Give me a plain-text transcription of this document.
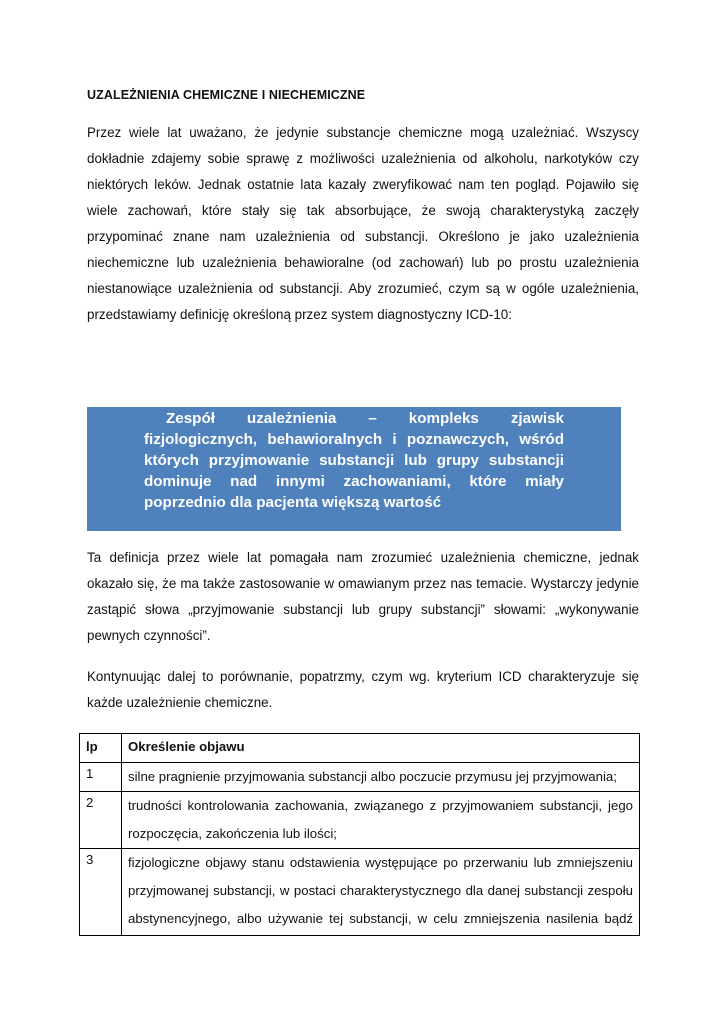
UZALEŻNIENIA CHEMICZNE I NIECHEMICZNE
Przez wiele lat uważano, że jedynie substancje chemiczne mogą uzależniać. Wszyscy dokładnie zdajemy sobie sprawę z możliwości uzależnienia od alkoholu, narkotyków czy niektórych leków. Jednak ostatnie lata kazały zweryfikować nam ten pogląd. Pojawiło się wiele zachowań, które stały się tak absorbujące, że swoją charakterystyką zaczęły przypominać znane nam uzależnienia od substancji. Określono je jako uzależnienia niechemiczne lub uzależnienia behawioralne (od zachowań) lub po prostu uzależnienia niestanowiące uzależnienia od substancji. Aby zrozumieć, czym są w ogóle uzależnienia, przedstawiamy definicję określoną przez system diagnostyczny ICD-10:
Zespół uzależnienia – kompleks zjawisk fizjologicznych, behawioralnych i poznawczych, wśród których przyjmowanie substancji lub grupy substancji dominuje nad innymi zachowaniami, które miały poprzednio dla pacjenta większą wartość
Ta definicja przez wiele lat pomagała nam zrozumieć uzależnienia chemiczne, jednak okazało się, że ma także zastosowanie w omawianym przez nas temacie. Wystarczy jedynie zastąpić słowa „przyjmowanie substancji lub grupy substancji” słowami: „wykonywanie pewnych czynności”.
Kontynuując dalej to porównanie, popatrzmy, czym wg. kryterium ICD charakteryzuje się każde uzależnienie chemiczne.
lp	Określenie objawu
1	silne pragnienie przyjmowania substancji albo poczucie przymusu jej przyjmowania;
2	trudności kontrolowania zachowania, związanego z przyjmowaniem substancji, jego rozpoczęcia, zakończenia lub ilości;
3	fizjologiczne objawy stanu odstawienia występujące po przerwaniu lub zmniejszeniu przyjmowanej substancji, w postaci charakterystycznego dla danej substancji zespołu abstynencyjnego, albo używanie tej substancji, w celu zmniejszenia nasilenia bądź
